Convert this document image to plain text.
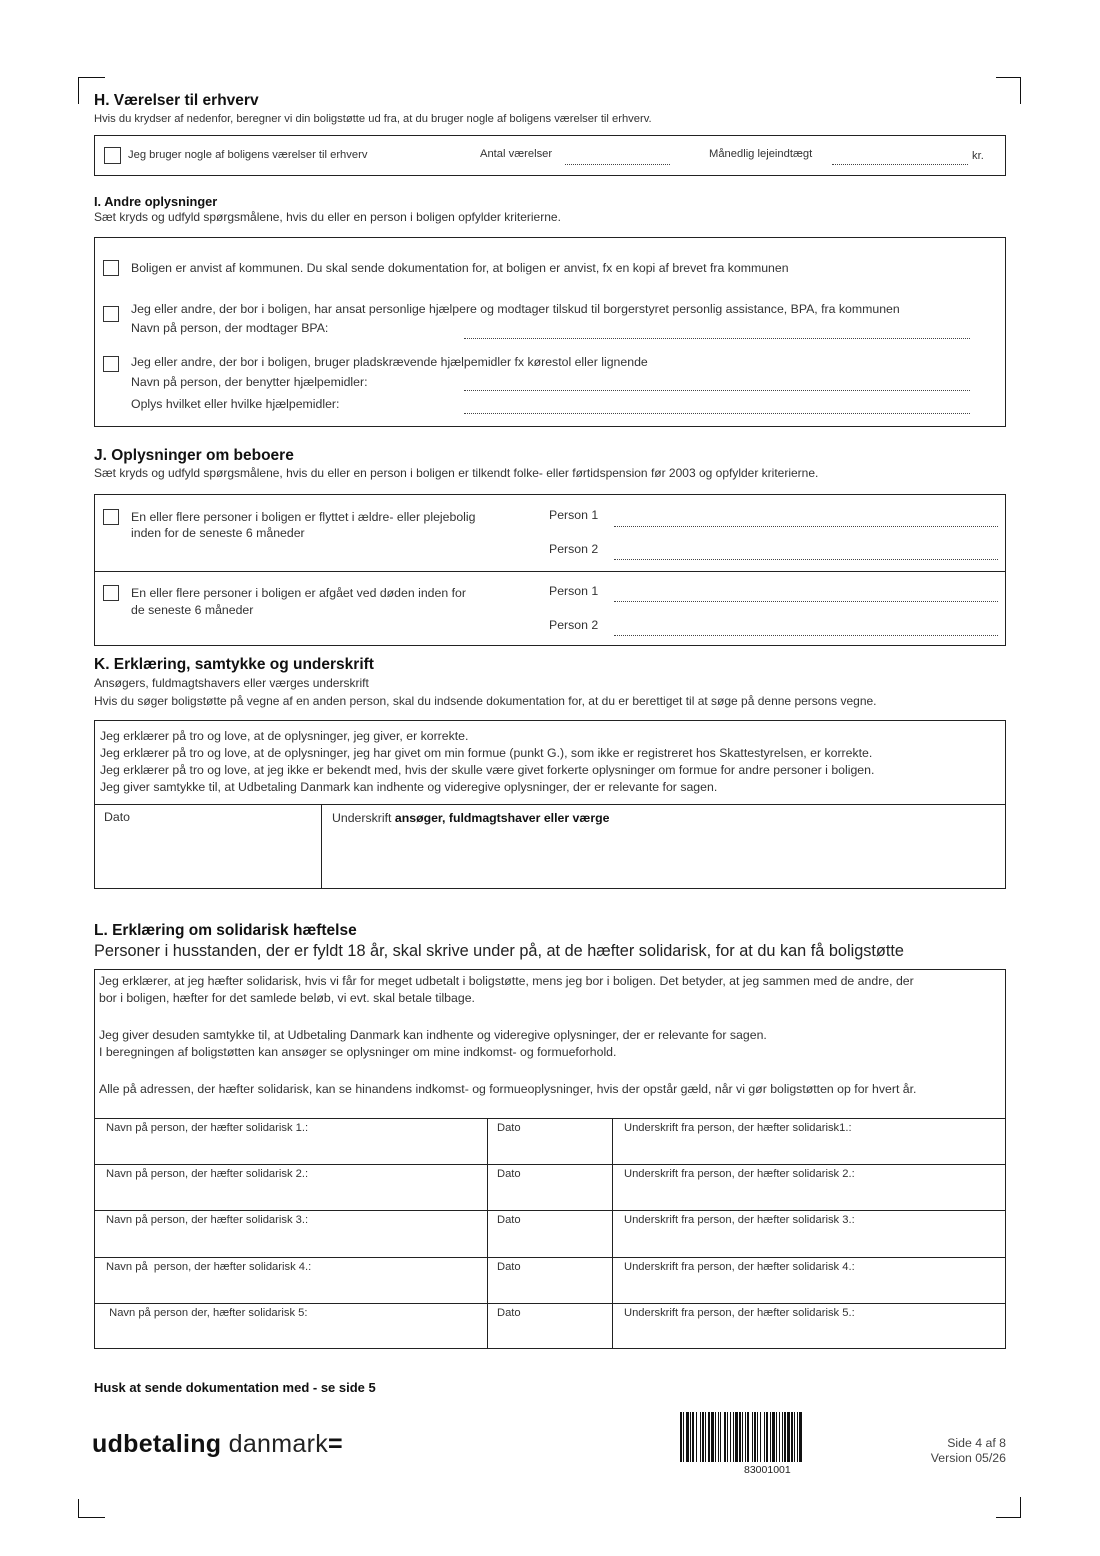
H. Værelser til erhverv
Hvis du krydser af nedenfor, beregner vi din boligstøtte ud fra, at du bruger nogle af boligens værelser til erhverv.
Jeg bruger nogle af boligens værelser til erhverv	Antal værelser	Månedlig lejeindtægt	kr.
I. Andre oplysninger
Sæt kryds og udfyld spørgsmålene, hvis du eller en person i boligen opfylder kriterierne.
Boligen er anvist af kommunen. Du skal sende dokumentation for, at boligen er anvist, fx en kopi af brevet fra kommunen
Jeg eller andre, der bor i boligen, har ansat personlige hjælpere og modtager tilskud til borgerstyret personlig assistance, BPA, fra kommunen
Navn på person, der modtager BPA:
Jeg eller andre, der bor i boligen, bruger pladskrævende hjælpemidler fx kørestol eller lignende
Navn på person, der benytter hjælpemidler:
Oplys hvilket eller hvilke hjælpemidler:
J. Oplysninger om beboere
Sæt kryds og udfyld spørgsmålene, hvis du eller en person i boligen er tilkendt folke- eller førtidspension før 2003 og opfylder kriterierne.
En eller flere personer i boligen er flyttet i ældre- eller plejebolig
inden for de seneste 6 måneder
Person 1
Person 2
En eller flere personer i boligen er afgået ved døden inden for
de seneste 6 måneder
Person 1
Person 2
K. Erklæring, samtykke og underskrift
Ansøgers, fuldmagtshavers eller værges underskrift
Hvis du søger boligstøtte på vegne af en anden person, skal du indsende dokumentation for, at du er berettiget til at søge på denne persons vegne.
Jeg erklærer på tro og love, at de oplysninger, jeg giver, er korrekte.
Jeg erklærer på tro og love, at de oplysninger, jeg har givet om min formue (punkt G.), som ikke er registreret hos Skattestyrelsen, er korrekte.
Jeg erklærer på tro og love, at jeg ikke er bekendt med, hvis der skulle være givet forkerte oplysninger om formue for andre personer i boligen.
Jeg giver samtykke til, at Udbetaling Danmark kan indhente og videregive oplysninger, der er relevante for sagen.
Dato	Underskrift ansøger, fuldmagtshaver eller værge
L. Erklæring om solidarisk hæftelse
Personer i husstanden, der er fyldt 18 år, skal skrive under på, at de hæfter solidarisk, for at du kan få boligstøtte
Jeg erklærer, at jeg hæfter solidarisk, hvis vi får for meget udbetalt i boligstøtte, mens jeg bor i boligen. Det betyder, at jeg sammen med de andre, der
bor i boligen, hæfter for det samlede beløb, vi evt. skal betale tilbage.
Jeg giver desuden samtykke til, at Udbetaling Danmark kan indhente og videregive oplysninger, der er relevante for sagen.
I beregningen af boligstøtten kan ansøger se oplysninger om mine indkomst- og formueforhold.
Alle på adressen, der hæfter solidarisk, kan se hinandens indkomst- og formueoplysninger, hvis der opstår gæld, når vi gør boligstøtten op for hvert år.
Navn på person, der hæfter solidarisk 1.:	Dato	Underskrift fra person, der hæfter solidarisk1.:
Navn på person, der hæfter solidarisk 2.:	Dato	Underskrift fra person, der hæfter solidarisk 2.:
Navn på person, der hæfter solidarisk 3.:	Dato	Underskrift fra person, der hæfter solidarisk 3.:
Navn på  person, der hæfter solidarisk 4.:	Dato	Underskrift fra person, der hæfter solidarisk 4.:
Navn på person der, hæfter solidarisk 5:	Dato	Underskrift fra person, der hæfter solidarisk 5.:
Husk at sende dokumentation med - se side 5
udbetaling danmark=
83001001
Side 4 af 8
Version 05/26
